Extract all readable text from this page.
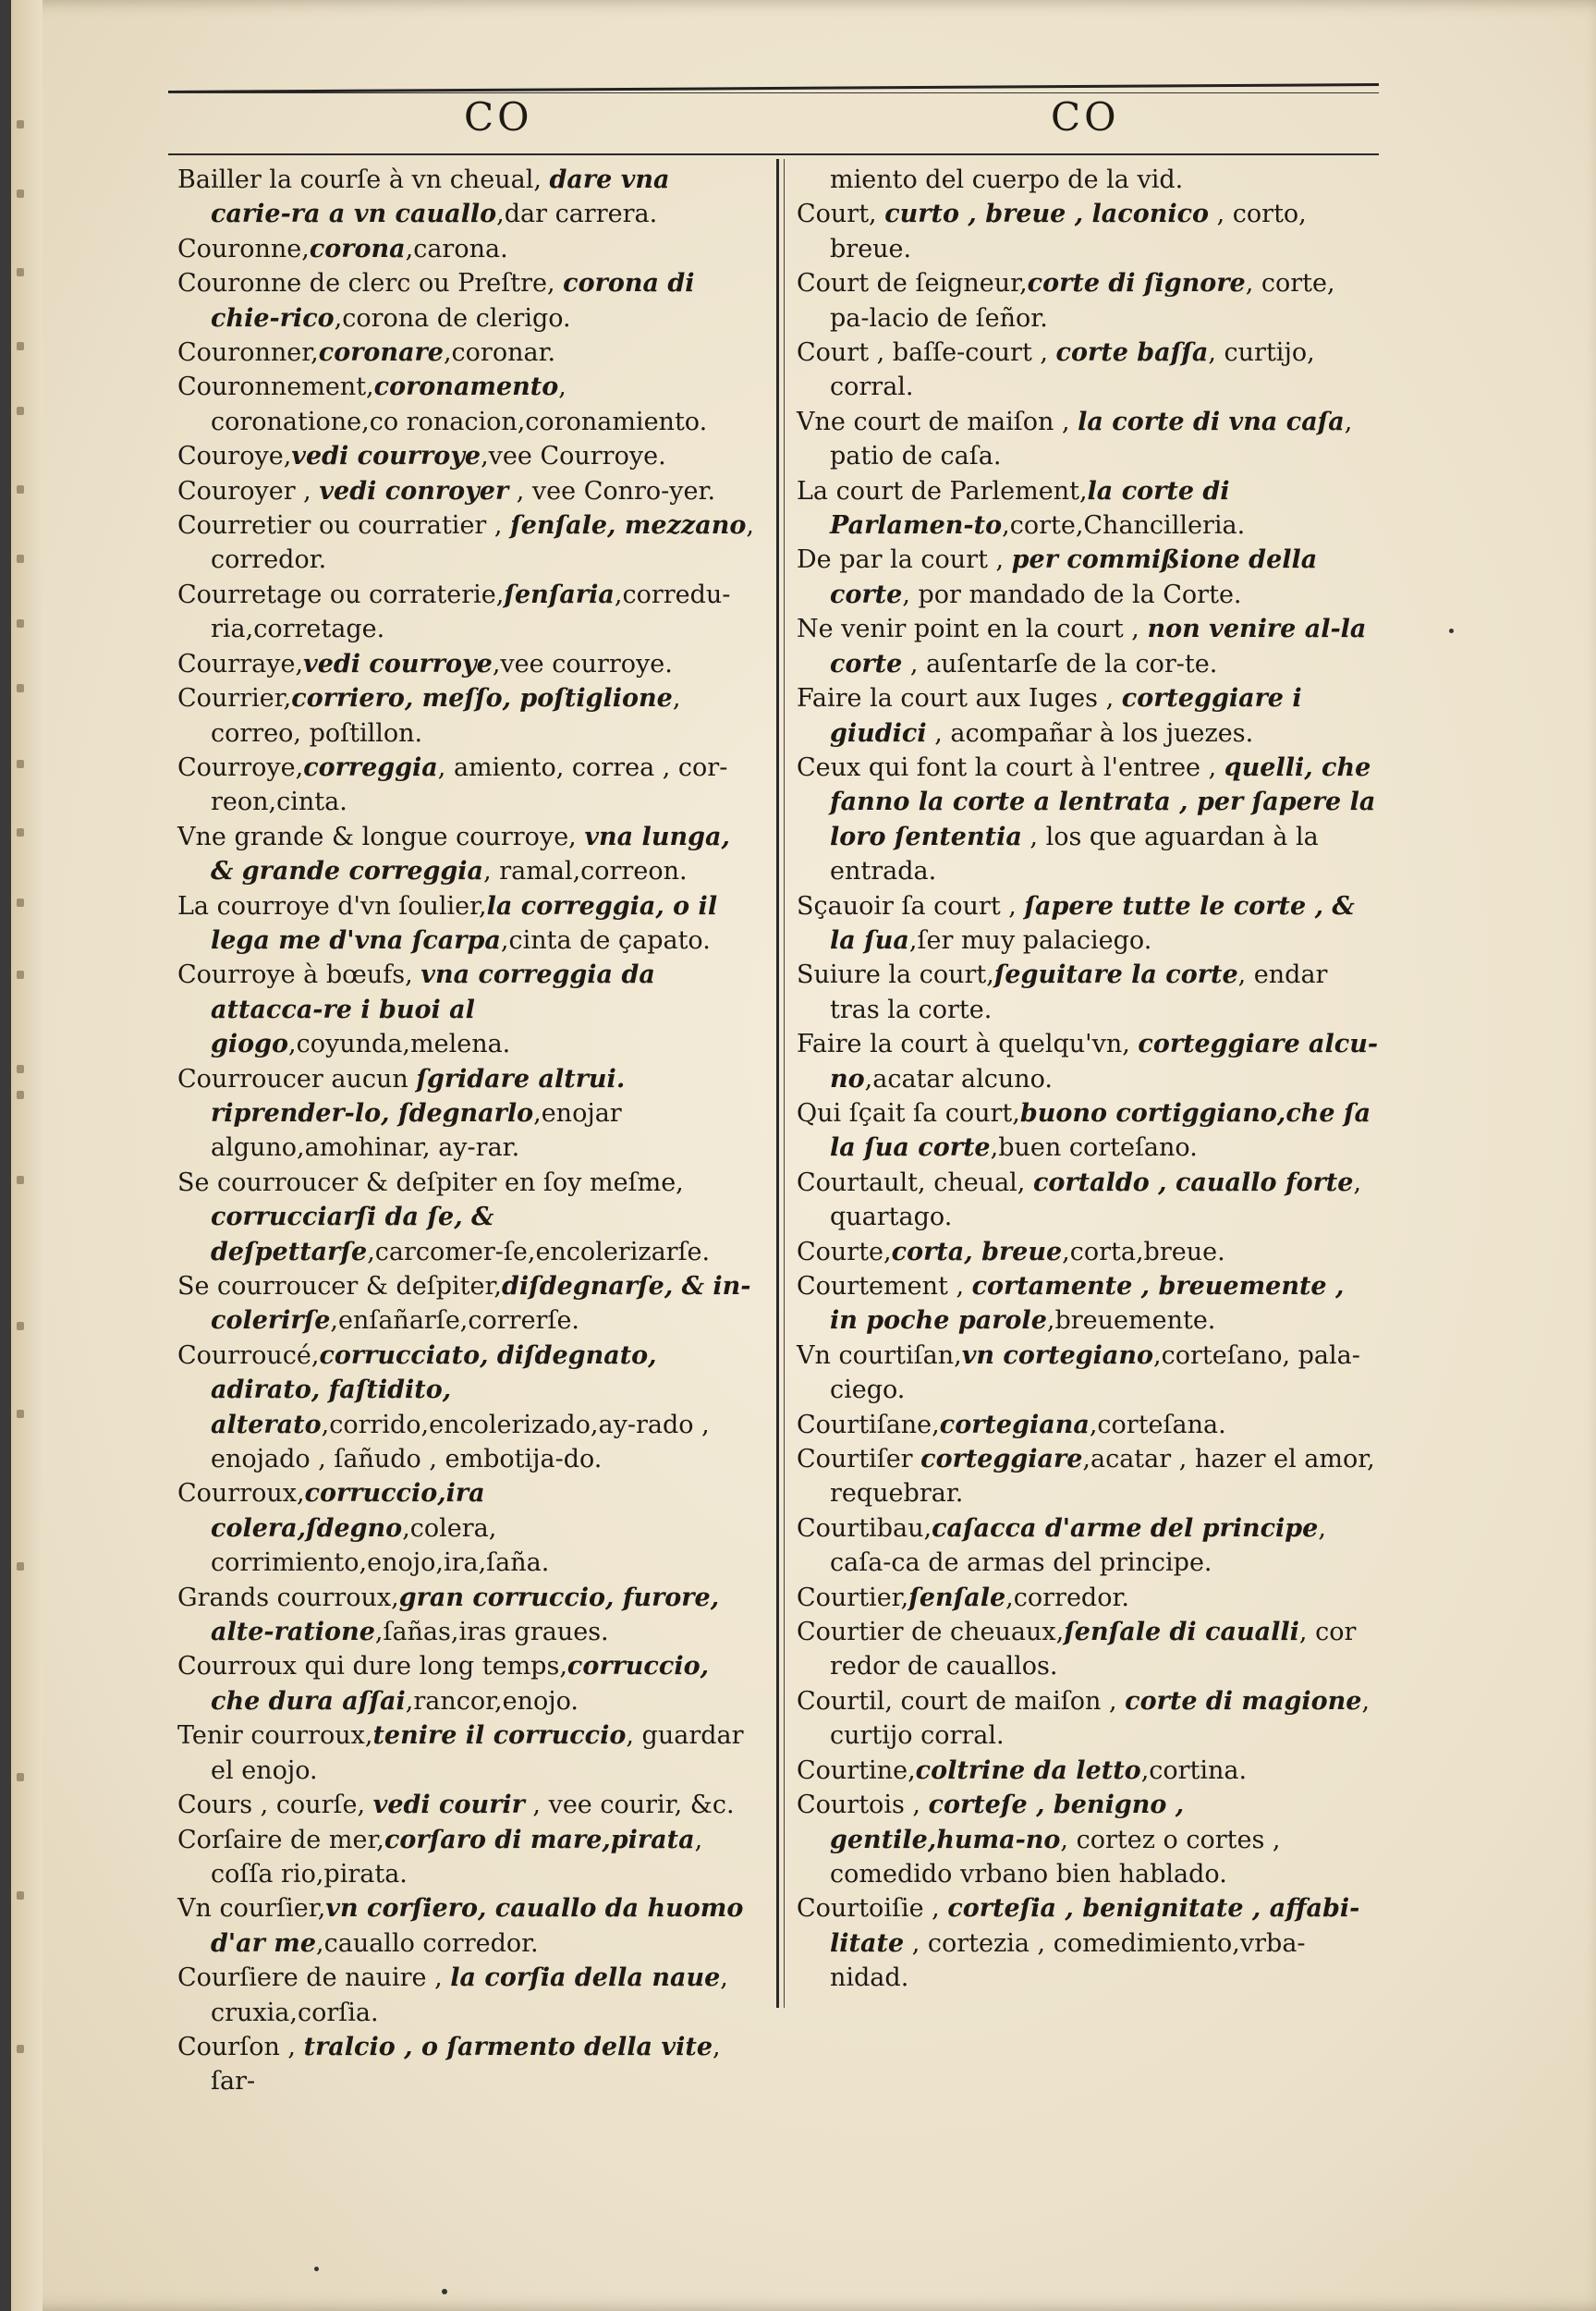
CO	CO

Bailler la courſe à vn cheual, dare vna carie-ra a vn cauallo,dar carrera.

Couronne,corona,carona.

Couronne de clerc ou Preſtre, corona di chie-rico,corona de clerigo.

Couronner,coronare,coronar.

Couronnement,coronamento, coronatione,co ronacion,coronamiento.

Couroye,vedi courroye,vee Courroye.

Couroyer , vedi conroyer , vee Conro-yer.

Courretier ou courratier , ſenſale, mezzano, corredor.

Courretage ou corraterie,ſenſaria,corredu-ria,corretage.

Courraye,vedi courroye,vee courroye.

Courrier,corriero, meſſo, poſtiglione, correo, poſtillon.

Courroye,correggia, amiento, correa , cor-reon,cinta.

Vne grande & longue courroye, vna lunga, & grande correggia, ramal,correon.

La courroye d'vn ſoulier,la correggia, o il lega me d'vna ſcarpa,cinta de çapato.

Courroye à bœufs, vna correggia da attacca-re i buoi al giogo,coyunda,melena.

Courroucer aucun ſgridare altrui. riprender-lo, ſdegnarlo,enojar alguno,amohinar, ay-rar.

Se courroucer & deſpiter en ſoy meſme, corrucciarſi da ſe, & deſpettarſe,carcomer-ſe,encolerizarſe.

Se courroucer & deſpiter,diſdegnarſe, & in-colerirſe,enſañarſe,correrſe.

Courroucé,corrucciato, diſdegnato, adirato, faſtidito, alterato,corrido,encolerizado,ay-rado , enojado , ſañudo , embotija-do.

Courroux,corruccio,ira colera,ſdegno,colera, corrimiento,enojo,ira,ſaña.

Grands courroux,gran corruccio, furore, alte-ratione,ſañas,iras graues.

Courroux qui dure long temps,corruccio, che dura aſſai,rancor,enojo.

Tenir courroux,tenire il corruccio, guardar el enojo.

Cours , courſe, vedi courir , vee courir, &c.

Corſaire de mer,corſaro di mare,pirata, coſſa rio,pirata.

Vn courſier,vn corſiero, cauallo da huomo d'ar me,cauallo corredor.

Courſiere de nauire , la corſia della naue, cruxia,corſia.

Courſon , tralcio , o ſarmento della vite, ſar-

miento del cuerpo de la vid.

Court, curto , breue , laconico , corto, breue.

Court de ſeigneur,corte di ſignore, corte, pa-lacio de ſeñor.

Court , baſſe-court , corte baſſa, curtijo, corral.

Vne court de maiſon , la corte di vna caſa, patio de caſa.

La court de Parlement,la corte di Parlamen-to,corte,Chancilleria.

De par la court , per commißione della corte, por mandado de la Corte.

Ne venir point en la court , non venire al-la corte , auſentarſe de la cor-te.

Faire la court aux Iuges , corteggiare i giudici , acompañar à los juezes.

Ceux qui font la court à l'entree , quelli, che fanno la corte a lentrata , per ſapere la loro ſententia , los que aguardan à la entrada.

Sçauoir ſa court , ſapere tutte le corte , & la ſua,ſer muy palaciego.

Suiure la court,ſeguitare la corte, endar tras la corte.

Faire la court à quelqu'vn, corteggiare alcu-no,acatar alcuno.

Qui ſçait ſa court,buono cortiggiano,che ſa la ſua corte,buen corteſano.

Courtault, cheual, cortaldo , cauallo forte, quartago.

Courte,corta, breue,corta,breue.

Courtement , cortamente , breuemente , in poche parole,breuemente.

Vn courtiſan,vn cortegiano,corteſano, pala-ciego.

Courtiſane,cortegiana,corteſana.

Courtiſer corteggiare,acatar , hazer el amor, requebrar.

Courtibau,caſacca d'arme del principe, caſa-ca de armas del principe.

Courtier,ſenſale,corredor.

Courtier de cheuaux,ſenſale di caualli, cor redor de cauallos.

Courtil, court de maiſon , corte di magione, curtijo corral.

Courtine,coltrine da letto,cortina.

Courtois , corteſe , benigno , gentile,huma-no, cortez o cortes , comedido vrbano bien hablado.

Courtoiſie , corteſia , benignitate , affabi-litate , cortezia , comedimiento,vrba-nidad.
